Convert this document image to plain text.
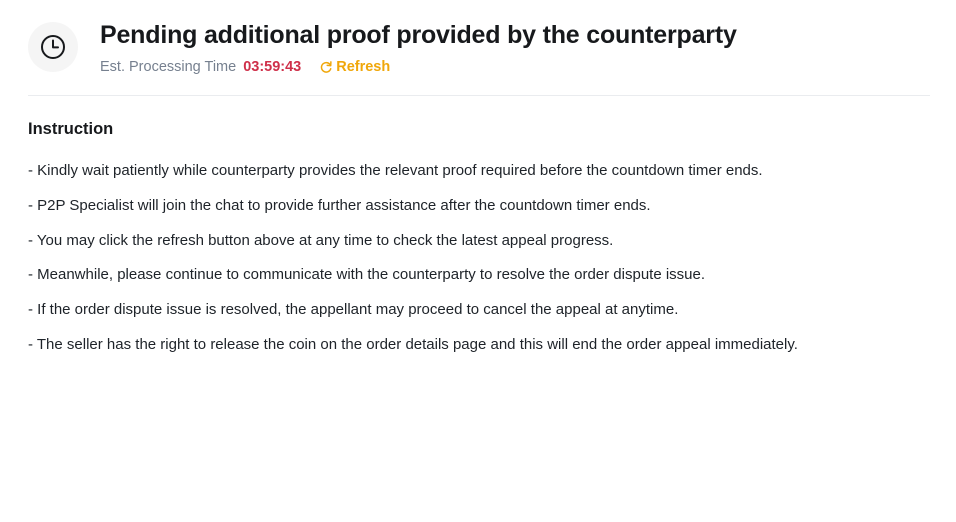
Pending additional proof provided by the counterparty
Est. Processing Time 03:59:43 Refresh
Instruction

- Kindly wait patiently while counterparty provides the relevant proof required before the countdown timer ends.

- P2P Specialist will join the chat to provide further assistance after the countdown timer ends.

- You may click the refresh button above at any time to check the latest appeal progress.

- Meanwhile, please continue to communicate with the counterparty to resolve the order dispute issue.

- If the order dispute issue is resolved, the appellant may proceed to cancel the appeal at anytime.

- The seller has the right to release the coin on the order details page and this will end the order appeal immediately.
